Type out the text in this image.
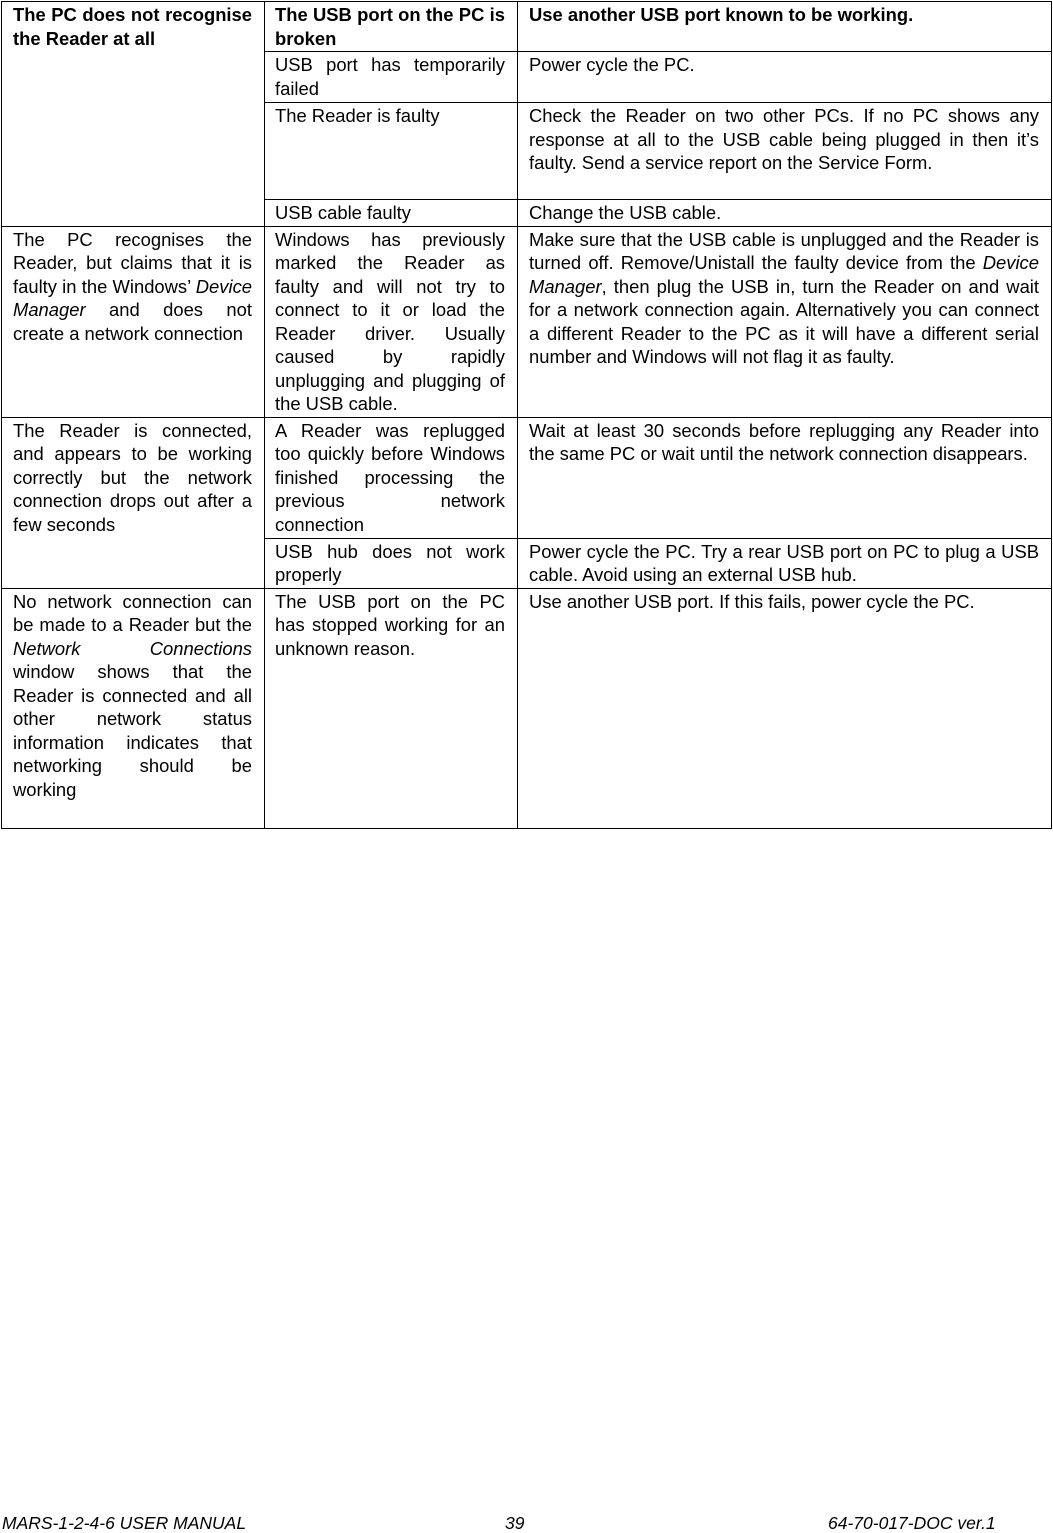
The PC does not recognise the Reader at all	The USB port on the PC is broken	Use another USB port known to be working.
	USB port has temporarily failed	Power cycle the PC.
	The Reader is faulty	Check the Reader on two other PCs. If no PC shows any response at all to the USB cable being plugged in then it’s faulty. Send a service report on the Service Form.
	USB cable faulty	Change the USB cable.
The PC recognises the Reader, but claims that it is faulty in the Windows’ Device Manager and does not create a network connection	Windows has previously marked the Reader as faulty and will not try to connect to it or load the Reader driver. Usually caused by rapidly unplugging and plugging of the USB cable.	Make sure that the USB cable is unplugged and the Reader is turned off. Remove/Unistall the faulty device from the Device Manager, then plug the USB in, turn the Reader on and wait for a network connection again. Alternatively you can connect a different Reader to the PC as it will have a different serial number and Windows will not flag it as faulty.
The Reader is connected, and appears to be working correctly but the network connection drops out after a few seconds	A Reader was replugged too quickly before Windows finished processing the previous network connection	Wait at least 30 seconds before replugging any Reader into the same PC or wait until the network connection disappears.
	USB hub does not work properly	Power cycle the PC. Try a rear USB port on PC to plug a USB cable. Avoid using an external USB hub.
No network connection can be made to a Reader but the Network Connections window shows that the Reader is connected and all other network status information indicates that networking should be working	The USB port on the PC has stopped working for an unknown reason.	Use another USB port. If this fails, power cycle the PC.
MARS-1-2-4-6 USER MANUAL	39	64-70-017-DOC ver.1
